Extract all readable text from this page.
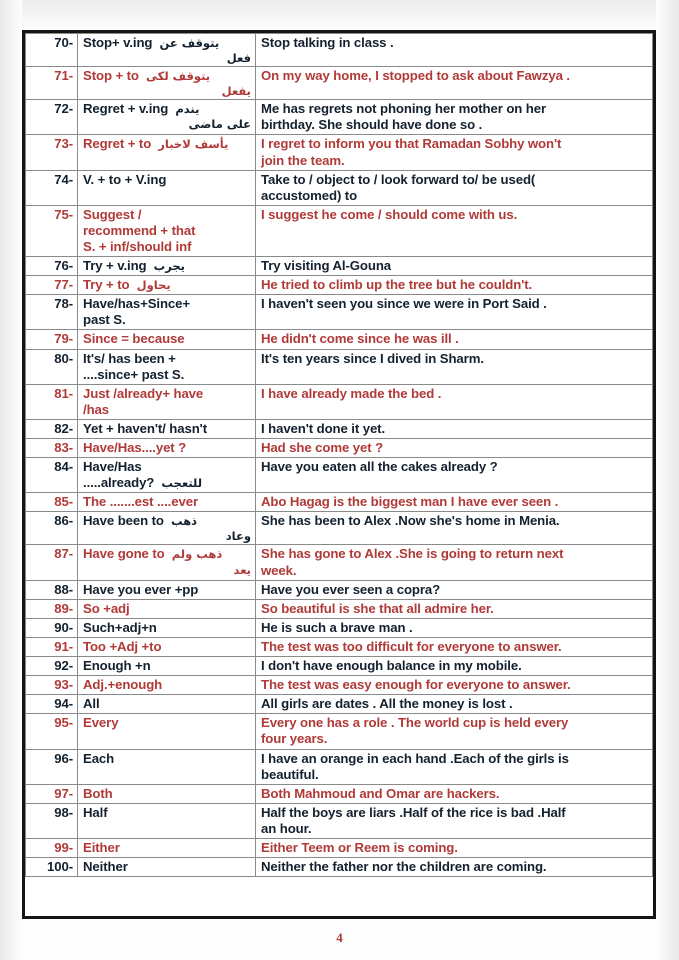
70-	Stop+ v.ing يتوقف عن
فعل	Stop talking in class .

71-	Stop + to يتوقف لكى
يفعل	On my way home, I stopped to ask about Fawzya .

72-	Regret + v.ing يندم
على ماضى	Me has regrets not phoning her mother on her
birthday. She should have done so .

73-	Regret + to يأسف لاخبار	I regret to inform you that Ramadan Sobhy won't
join the team.

74-	V. + to + V.ing	Take to / object to / look forward to/ be used(
accustomed) to

75-	Suggest /
recommend + that
S. + inf/should inf	I suggest he come / should come with us.

76-	Try + v.ing يجرب	Try visiting Al-Gouna

77-	Try + to يحاول	He tried to climb up the tree but he couldn't.

78-	Have/has+Since+
past S.	I haven't seen you since we were in Port Said .

79-	Since = because	He didn't come since he was ill .

80-	It's/ has been +
....since+ past S.	It's ten years since I dived in Sharm.

81-	Just /already+ have
/has	I have already made the bed .

82-	Yet + haven't/ hasn't	I haven't done it yet.

83-	Have/Has....yet ?	Had she come yet ?

84-	Have/Has
.....already? للتعجب	Have you eaten all the cakes already ?

85-	The .......est ....ever	Abo Hagag is the biggest man I have ever seen .

86-	Have been to ذهب
وعاد	She has been to Alex .Now she's home in Menia.

87-	Have gone to ذهب ولم
يعد	She has gone to Alex .She is going to return next
week.

88-	Have you ever +pp	Have you ever seen a copra?

89-	So +adj	So beautiful is she that all admire her.

90-	Such+adj+n	He is such a brave man .

91-	Too +Adj +to	The test was too difficult for everyone to answer.

92-	Enough +n	I don't have enough balance in my mobile.

93-	Adj.+enough	The test was easy enough for everyone to answer.

94-	All	All girls are dates . All the money is lost .

95-	Every	Every one has a role . The world cup is held every
four years.

96-	Each	I have an orange in each hand .Each of the girls is
beautiful.

97-	Both	Both Mahmoud and Omar are hackers.

98-	Half	Half the boys are liars .Half of the rice is bad .Half
an hour.

99-	Either	Either Teem or Reem is coming.

100-	Neither	Neither the father nor the children are coming.
4
